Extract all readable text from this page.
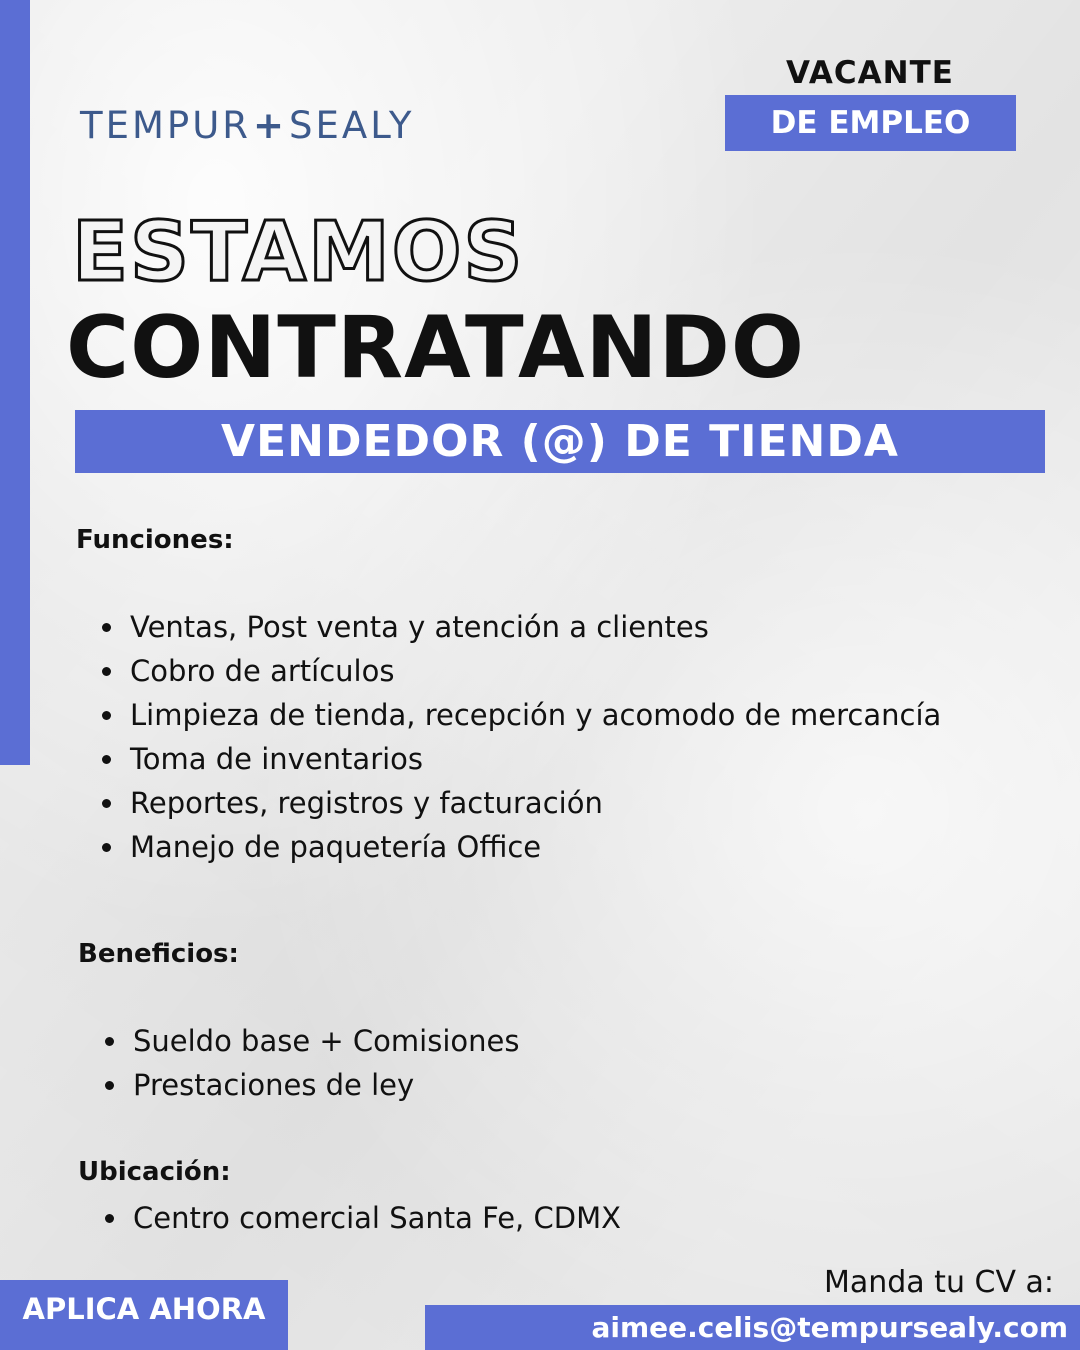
TEMPUR+SEALY
VACANTE
DE EMPLEO
ESTAMOS
CONTRATANDO
VENDEDOR (@) DE TIENDA
Funciones:
Ventas, Post venta y atención a clientes
Cobro de artículos
Limpieza de tienda, recepción y acomodo de mercancía
Toma de inventarios
Reportes, registros y facturación
Manejo de paquetería Office
Beneficios:
Sueldo base + Comisiones
Prestaciones de ley
Ubicación:
Centro comercial Santa Fe, CDMX
APLICA AHORA
Manda tu CV a:
aimee.celis@tempursealy.com
